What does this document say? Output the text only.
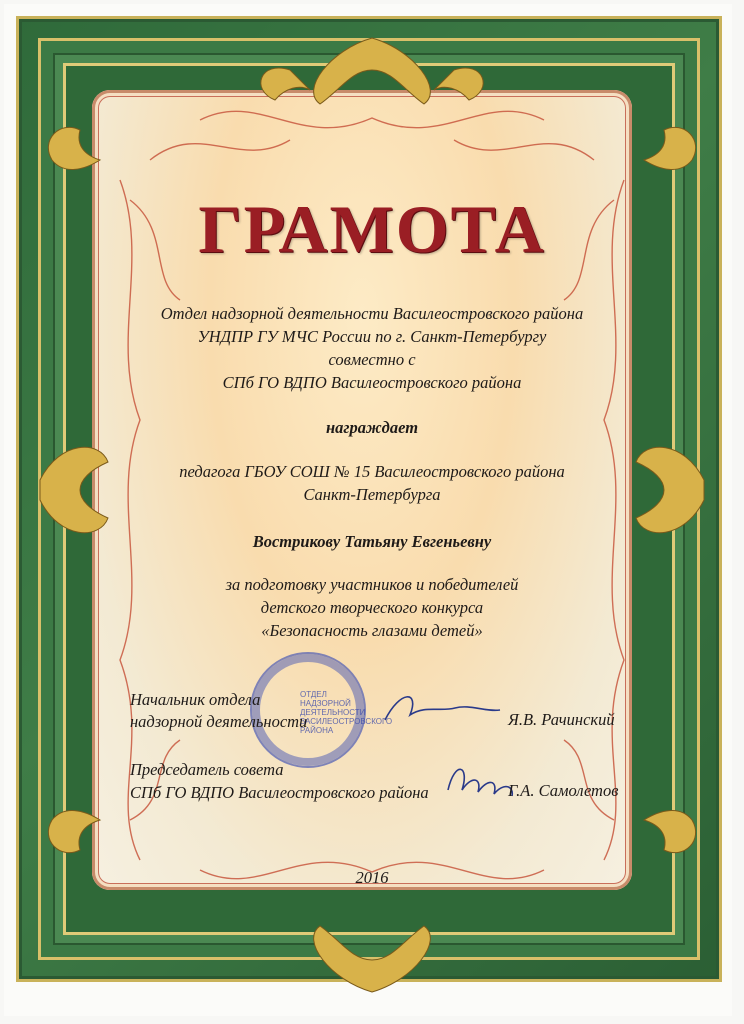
ГРАМОТА
Отдел надзорной деятельности Василеостровского района
УНДПР ГУ МЧС России по г. Санкт-Петербургу
совместно с
СПб ГО ВДПО Василеостровского района
награждает
педагога ГБОУ СОШ № 15 Василеостровского района
Санкт-Петербурга
Вострикову Татьяну Евгеньевну
за подготовку участников и победителей
детского творческого конкурса
«Безопасность глазами детей»
ОТДЕЛ НАДЗОРНОЙ ДЕЯТЕЛЬНОСТИ ВАСИЛЕОСТРОВСКОГО РАЙОНА
Начальник отдела
надзорной деятельности	Я.В. Рачинский
Председатель совета
СПб ГО ВДПО Василеостровского района	Г.А. Самолетов
2016
